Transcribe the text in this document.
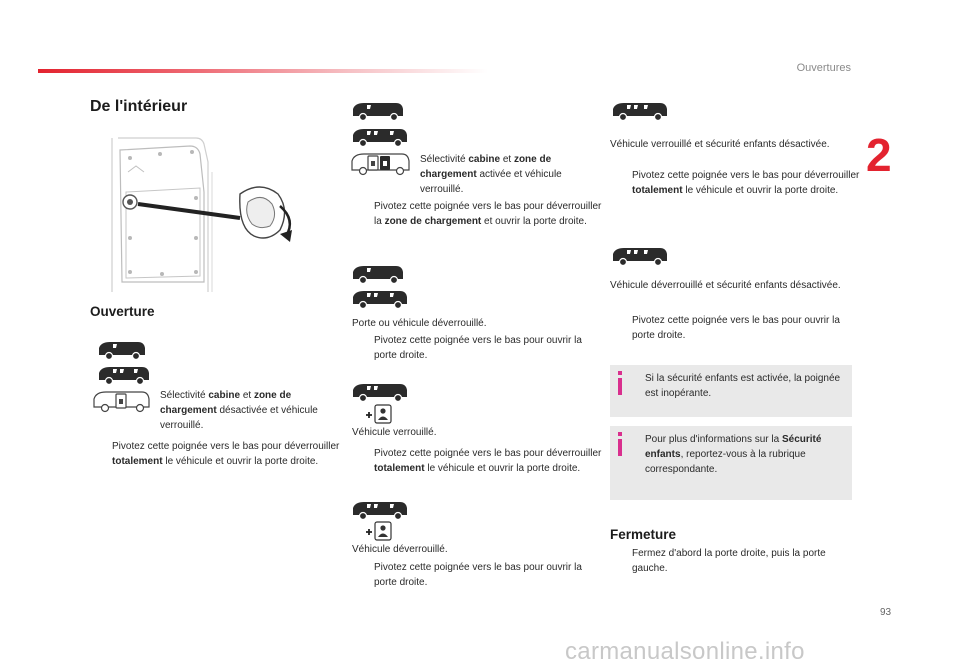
Ouvertures
2
De l'intérieur
Ouverture
Sélectivité cabine et zone de chargement désactivée et véhicule verrouillé.
Pivotez cette poignée vers le bas pour déverrouiller totalement le véhicule et ouvrir la porte droite.
Sélectivité cabine et zone de chargement activée et véhicule verrouillé.
Pivotez cette poignée vers le bas pour déverrouiller la zone de chargement et ouvrir la porte droite.
Porte ou véhicule déverrouillé.
Pivotez cette poignée vers le bas pour ouvrir la porte droite.
Véhicule verrouillé.
Pivotez cette poignée vers le bas pour déverrouiller totalement le véhicule et ouvrir la porte droite.
Véhicule déverrouillé.
Pivotez cette poignée vers le bas pour ouvrir la porte droite.
Véhicule verrouillé et sécurité enfants désactivée.
Pivotez cette poignée vers le bas pour déverrouiller totalement le véhicule et ouvrir la porte droite.
Véhicule déverrouillé et sécurité enfants désactivée.
Pivotez cette poignée vers le bas pour ouvrir la porte droite.
Si la sécurité enfants est activée, la poignée est inopérante.
Pour plus d'informations sur la Sécurité enfants, reportez-vous à la rubrique correspondante.
Fermeture
Fermez d'abord la porte droite, puis la porte gauche.
93
carmanualsonline.info
